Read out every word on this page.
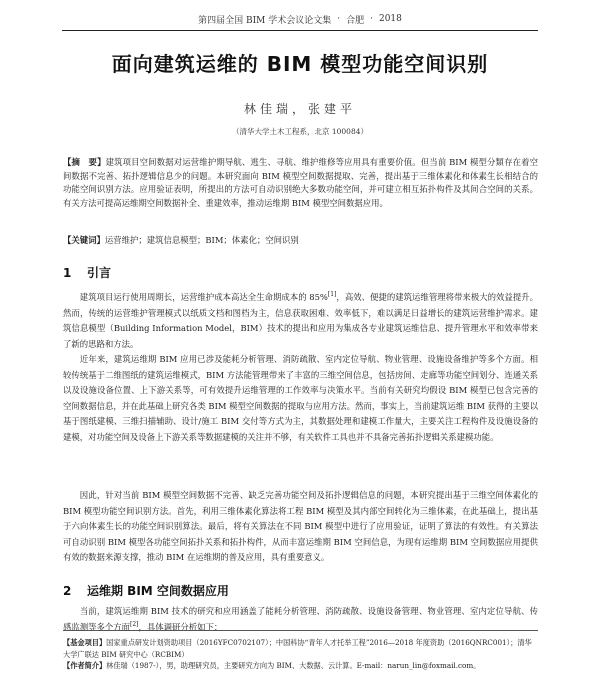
第四届全国 BIM 学术会议论文集 · 合肥 · 2018
面向建筑运维的 BIM 模型功能空间识别
林佳瑞，张建平
（清华大学土木工程系，北京 100084）
【摘　要】建筑项目空间数据对运营维护期导航、逃生、寻航、维护维修等应用具有重要价值。但当前 BIM 模型分類存在着空间数据不完善、拓扑逻辑信息少的问题。本研究面向 BIM 模型空间数据提取、完善，提出基于三维体素化和体素生长相结合的功能空间识别方法。应用验证表明，所提出的方法可自动识别绝大多数功能空间，并可建立相互拓扑构件及其间合空间的关系。有关方法可提高运维期空间数据补全、重建效率，推动运维期 BIM 模型空间数据应用。
【关键词】运营维护；建筑信息模型；BIM；体素化；空间识别
1 引言
建筑项目运行使用周期长，运营维护成本高达全生命期成本的 85%[1]，高效、便捷的建筑运维管理将带来极大的效益提升。然而，传统的运营维护管理模式以纸质文档和图档为主，信息获取困难、效率低下，难以满足日益增长的建筑运营维护需求。建筑信息模型（Building Information Model，BIM）技术的提出和应用为集成各专业建筑运维信息、提升管理水平和效率带来了新的思路和方法。
近年来，建筑运维期 BIM 应用已涉及能耗分析管理、消防疏散、室内定位导航、物业管理、设施设备维护等多个方面。相较传统基于二维图纸的建筑运维模式，BIM 方法能管理带来了丰富的三维空间信息，包括房间、走廊等功能空间划分、连通关系以及设施设备位置、上下游关系等，可有效提升运维管理的工作效率与决策水平。当前有关研究均假设 BIM 模型已包含完善的空间数据信息，并在此基础上研究各类 BIM 模型空间数据的提取与应用方法。然而，事实上，当前建筑运维 BIM 获得的主要以基于图纸建模、三维扫描辅助、设计/施工 BIM 交付等方式为主，其数据处理和建模工作量大，主要关注工程构件及设施设备的建模，对功能空间及设备上下游关系等数据建模的关注并不够，有关软件工具也并不具备完善拓扑逻辑关系建模功能。
因此，针对当前 BIM 模型空间数据不完善、缺乏完善功能空间及拓扑逻辑信息的问题，本研究提出基于三维空间体素化的 BIM 模型功能空间识别方法。首先，利用三维体素化算法将工程 BIM 模型及其内部空间转化为三维体素，在此基础上，提出基于六向体素生长的功能空间识别算法。最后，将有关算法在不同 BIM 模型中进行了应用验证，证明了算法的有效性。有关算法可自动识别 BIM 模型各功能空间拓扑关系和拓扑构件，从而丰富运维期 BIM 空间信息，为现有运维期 BIM 空间数据应用提供有效的数据来源支撑，推动 BIM 在运维期的普及应用，具有重要意义。
2 运维期 BIM 空间数据应用
当前，建筑运维期 BIM 技术的研究和应用涵盖了能耗分析管理、消防疏散、设施设备管理、物业管理、室内定位导航、传感监测等多个方面[2]，具体调研分析如下：
【基金项目】国家重点研发计划资助项目（2016YFC0702107）；中国科协“青年人才托举工程”2016—2018 年度资助（2016QNRC001）；清华大学广联达 BIM 研究中心（RCBIM）
【作者简介】林佳瑞（1987-），男，助理研究员，主要研究方向为 BIM、大数据、云计算。E-mail：narun_lin@foxmail.com。
